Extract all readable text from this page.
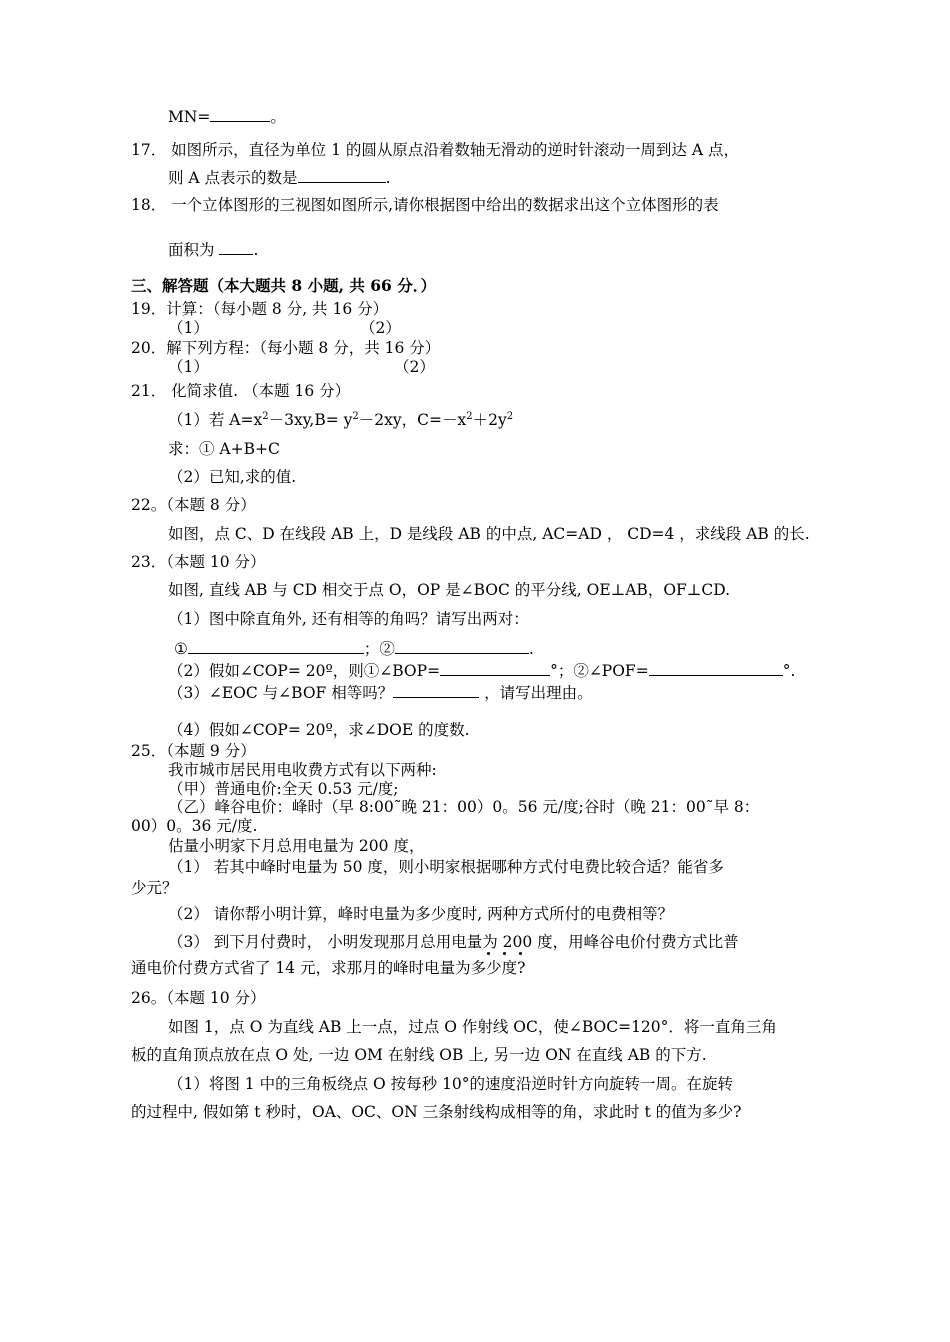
MN=	。
17． 如图所示，直径为单位 1 的圆从原点沿着数轴无滑动的逆时针滚动一周到达 A 点，
则 A 点表示的数是	.
18． 一个立体图形的三视图如图所示,请你根据图中给出的数据求出这个立体图形的表
面积为	.
三、解答题（本大题共 8 小题, 共 66 分．）
19．计算：（每小题 8 分, 共 16 分）
（1）	（2）
20．解下列方程：（每小题 8 分，共 16 分）
（1）	（2）
21． 化简求值. （本题 16 分）
（1）若 $A=x^2-3xy,B= y^2-2xy$，$C=-x^2+2y^2$
求：① A+B+C
（2）已知,求的值.
22。（本题 8 分）
如图，点 C、D 在线段 AB 上，D 是线段 AB 的中点, AC=AD ， CD=4 ，求线段 AB 的长.
23．（本题 10 分）
如图, 直线 AB 与 CD 相交于点 O，OP 是∠BOC 的平分线, OE⊥AB，OF⊥CD.
（1）图中除直角外, 还有相等的角吗？请写出两对：
①	；②	.
（2）假如∠COP= 20º，则①∠BOP=	°；②∠POF=	°.
（3）∠EOC 与∠BOF 相等吗？	，请写出理由。
（4）假如∠COP= 20º，求∠DOE 的度数.
25．（本题 9 分）
我市城市居民用电收费方式有以下两种:
（甲）普通电价:全天 0.53 元/度;
（乙）峰谷电价：峰时（早 8:00˜晚 21：00）0。56 元/度;谷时（晚 21：00˜早 8：
00）0。36 元/度.
估量小明家下月总用电量为 200 度，
（1） 若其中峰时电量为 50 度，则小明家根据哪种方式付电费比较合适？能省多
少元？
（2） 请你帮小明计算，峰时电量为多少度时, 两种方式所付的电费相等？
（3） 到下月付费时， 小明发现那月总用电量为 200 度，用峰谷电价付费方式比普
通电价付费方式省了 14 元，求那月的峰时电量为多少度?
26。（本题 10 分）
如图 1，点 O 为直线 AB 上一点，过点 O 作射线 OC，使∠BOC=120°．将一直角三角
板的直角顶点放在点 O 处, 一边 OM 在射线 OB 上, 另一边 ON 在直线 AB 的下方.
（1）将图 1 中的三角板绕点 O 按每秒 10°的速度沿逆时针方向旋转一周。在旋转
的过程中, 假如第 t 秒时，OA、OC、ON 三条射线构成相等的角，求此时 t 的值为多少?
